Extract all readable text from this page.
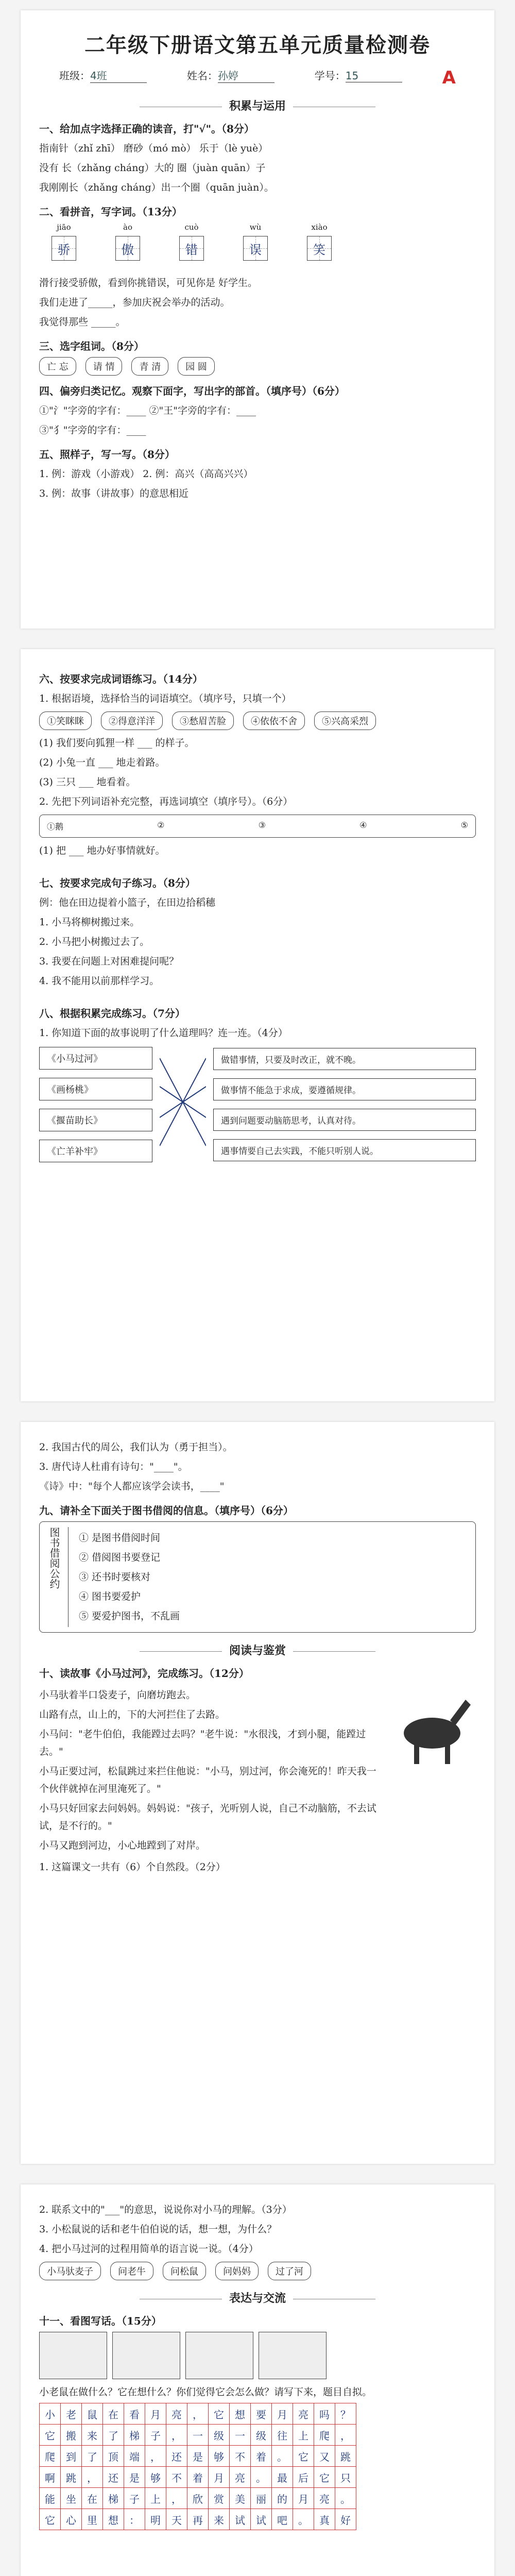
二年级下册语文第五单元质量检测卷
班级：4班	姓名：孙婷	学号：15	A
积累与运用
一、给加点字选择正确的读音，打"√"。（8分）
指南针（zhǐ zhī） 磨砂（mó mò） 乐于（lè yuè）
没有 长（zhǎng cháng）大的 圈（juàn quān）子
我刚刚长（zhǎng cháng）出一个圈（quān juàn）。
二、看拼音，写字词。（13分）
jiāo
骄
ào
傲
cuò
错
wù
误
xiào
笑
滑行接受骄傲，看到你挑错误，可见你是 好学生。
我们走进了_____，参加庆祝会举办的活动。
我觉得那些 _____。
三、选字组词。（8分）
亡 忘	请 情	青 清	园 圆
四、偏旁归类记忆。观察下面字，写出字的部首。（填序号）（6分）
①"氵"字旁的字有：____ ②"王"字旁的字有：____
③"犭"字旁的字有：____
五、照样子，写一写。（8分）
1. 例：游戏（小游戏） 2. 例：高兴（高高兴兴）
3. 例：故事（讲故事）的意思相近
六、按要求完成词语练习。（14分）
1. 根据语境，选择恰当的词语填空。（填序号，只填一个）
①笑眯眯	②得意洋洋	③愁眉苦脸	④依依不舍	⑤兴高采烈
(1) 我们要向狐狸一样 ___ 的样子。
(2) 小兔一直 ___ 地走着路。
(3) 三只 ___ 地看着。
2. 先把下列词语补充完整，再选词填空（填序号）。（6分）
①鹅	②	③	④	⑤
(1) 把 ___ 地办好事情就好。
七、按要求完成句子练习。（8分）
例：他在田边提着小篮子，在田边拾稻穗
1. 小马将柳树搬过来。
2. 小马把小树搬过去了。
3. 我要在问题上对困难提问呢？
4. 我不能用以前那样学习。
八、根据积累完成练习。（7分）
1. 你知道下面的故事说明了什么道理吗？连一连。（4分）
《小马过河》
《画杨桃》
《揠苗助长》
《亡羊补牢》
做错事情，只要及时改正，就不晚。
做事情不能急于求成，要遵循规律。
遇到问题要动脑筋思考，认真对待。
遇事情要自己去实践，不能只听别人说。
2. 我国古代的周公，我们认为（勇于担当）。
3. 唐代诗人杜甫有诗句："____"。
《诗》中："每个人都应该学会读书，____"
九、请补全下面关于图书借阅的信息。（填序号）（6分）
图书借阅公约	① 是图书借阅时间
② 借阅图书要登记
③ 还书时要核对
④ 图书要爱护
⑤ 要爱护图书，不乱画
阅读与鉴赏
十、读故事《小马过河》，完成练习。（12分）
小马驮着半口袋麦子，向磨坊跑去。
山路有点，山上的，下的大河拦住了去路。
小马问："老牛伯伯，我能蹚过去吗？"老牛说："水很浅，才到小腿，能蹚过去。"
小马正要过河，松鼠跳过来拦住他说："小马，别过河，你会淹死的！昨天我一个伙伴就掉在河里淹死了。"
小马只好回家去问妈妈。妈妈说："孩子，光听别人说，自己不动脑筋，不去试试，是不行的。"
小马又跑到河边，小心地蹚到了对岸。
1. 这篇课文一共有（6）个自然段。（2分）
2. 联系文中的"___"的意思，说说你对小马的理解。（3分）
3. 小松鼠说的话和老牛伯伯说的话，想一想，为什么？
4. 把小马过河的过程用简单的语言说一说。（4分）
小马驮麦子	问老牛	问松鼠	问妈妈	过了河
表达与交流
十一、看图写话。（15分）
小老鼠在做什么？它在想什么？你们觉得它会怎么做？请写下来，题目自拟。
小	老	鼠	在	看	月	亮	，	它	想	要	月	亮	吗	？
它	搬	来	了	梯	子	，	一	级	一	级	往	上	爬	，
爬	到	了	顶	端	，	还	是	够	不	着	。	它	又	跳
啊	跳	，	还	是	够	不	着	月	亮	。	最	后	它	只
能	坐	在	梯	子	上	，	欣	赏	美	丽	的	月	亮	。
它	心	里	想	：	明	天	再	来	试	试	吧	。	真	好
